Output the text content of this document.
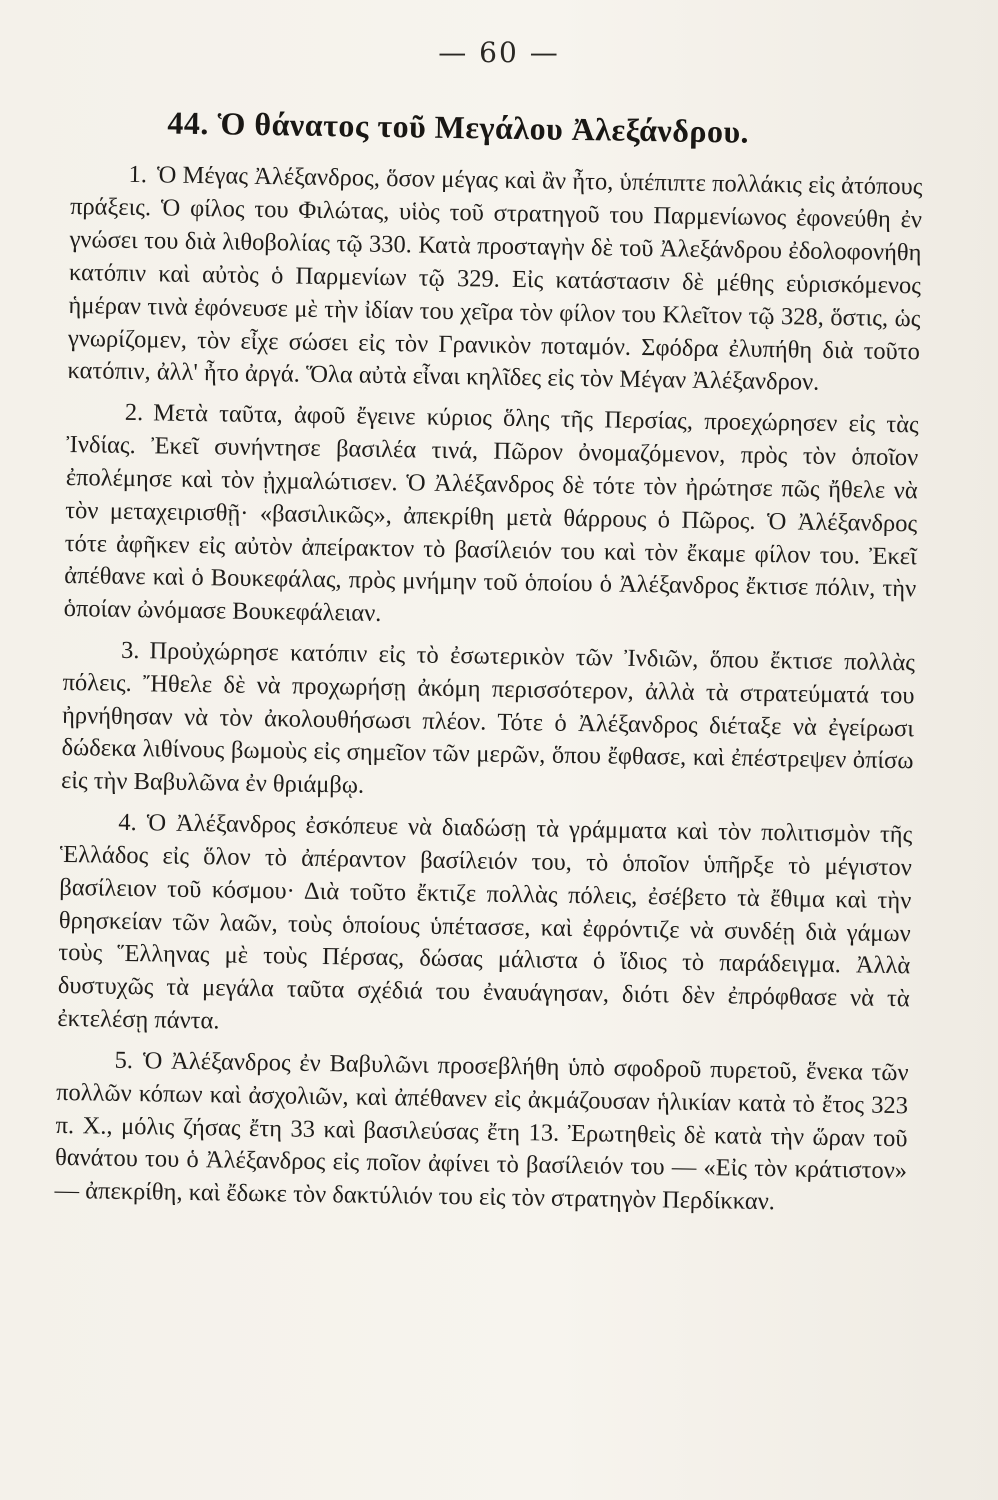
— 60 —
44. Ὁ θάνατος τοῦ Μεγάλου Ἀλεξάνδρου.

1. Ὁ Μέγας Ἀλέξανδρος, ὅσον μέγας καὶ ἂν ἦτο, ὑπέπιπτε πολλάκις εἰς ἀτόπους πράξεις. Ὁ φίλος του Φιλώτας, υἱὸς τοῦ στρατηγοῦ του Παρμενίωνος ἐφονεύθη ἐν γνώσει του διὰ λιθοβολίας τῷ 330. Κατὰ προσταγὴν δὲ τοῦ Ἀλεξάνδρου ἐδολοφονήθη κατόπιν καὶ αὐτὸς ὁ Παρμενίων τῷ 329. Εἰς κατάστασιν δὲ μέθης εὑρισκόμενος ἡμέραν τινὰ ἐφόνευσε μὲ τὴν ἰδίαν του χεῖρα τὸν φίλον του Κλεῖτον τῷ 328, ὅστις, ὡς γνωρίζομεν, τὸν εἶχε σώσει εἰς τὸν Γρανικὸν ποταμόν. Σφόδρα ἐλυπήθη διὰ τοῦτο κατόπιν, ἀλλ' ἦτο ἀργά. Ὅλα αὐτὰ εἶναι κηλῖδες εἰς τὸν Μέγαν Ἀλέξανδρον.

2. Μετὰ ταῦτα, ἀφοῦ ἔγεινε κύριος ὅλης τῆς Περσίας, προεχώρησεν εἰς τὰς Ἰνδίας. Ἐκεῖ συνήντησε βασιλέα τινά, Πῶρον ὀνομαζόμενον, πρὸς τὸν ὁποῖον ἐπολέμησε καὶ τὸν ᾐχμαλώτισεν. Ὁ Ἀλέξανδρος δὲ τότε τὸν ἠρώτησε πῶς ἤθελε νὰ τὸν μεταχειρισθῇ· «βασιλικῶς», ἀπεκρίθη μετὰ θάρρους ὁ Πῶρος. Ὁ Ἀλέξανδρος τότε ἀφῆκεν εἰς αὐτὸν ἀπείρακτον τὸ βασίλειόν του καὶ τὸν ἔκαμε φίλον του. Ἐκεῖ ἀπέθανε καὶ ὁ Βουκεφάλας, πρὸς μνήμην τοῦ ὁποίου ὁ Ἀλέξανδρος ἔκτισε πόλιν, τὴν ὁποίαν ὠνόμασε Βουκεφάλειαν.

3. Προὐχώρησε κατόπιν εἰς τὸ ἐσωτερικὸν τῶν Ἰνδιῶν, ὅπου ἔκτισε πολλὰς πόλεις. Ἤθελε δὲ νὰ προχωρήσῃ ἀκόμη περισσότερον, ἀλλὰ τὰ στρατεύματά του ἠρνήθησαν νὰ τὸν ἀκολουθήσωσι πλέον. Τότε ὁ Ἀλέξανδρος διέταξε νὰ ἐγείρωσι δώδεκα λιθίνους βωμοὺς εἰς σημεῖον τῶν μερῶν, ὅπου ἔφθασε, καὶ ἐπέστρεψεν ὀπίσω εἰς τὴν Βαβυλῶνα ἐν θριάμβῳ.

4. Ὁ Ἀλέξανδρος ἐσκόπευε νὰ διαδώσῃ τὰ γράμματα καὶ τὸν πολιτισμὸν τῆς Ἑλλάδος εἰς ὅλον τὸ ἀπέραντον βασίλειόν του, τὸ ὁποῖον ὑπῆρξε τὸ μέγιστον βασίλειον τοῦ κόσμου· Διὰ τοῦτο ἔκτιζε πολλὰς πόλεις, ἐσέβετο τὰ ἔθιμα καὶ τὴν θρησκείαν τῶν λαῶν, τοὺς ὁποίους ὑπέτασσε, καὶ ἐφρόντιζε νὰ συνδέῃ διὰ γάμων τοὺς Ἕλληνας μὲ τοὺς Πέρσας, δώσας μάλιστα ὁ ἴδιος τὸ παράδειγμα. Ἀλλὰ δυστυχῶς τὰ μεγάλα ταῦτα σχέδιά του ἐναυάγησαν, διότι δὲν ἐπρόφθασε νὰ τὰ ἐκτελέσῃ πάντα.

5. Ὁ Ἀλέξανδρος ἐν Βαβυλῶνι προσεβλήθη ὑπὸ σφοδροῦ πυρετοῦ, ἕνεκα τῶν πολλῶν κόπων καὶ ἀσχολιῶν, καὶ ἀπέθανεν εἰς ἀκμάζουσαν ἡλικίαν κατὰ τὸ ἔτος 323 π. Χ., μόλις ζήσας ἔτη 33 καὶ βασιλεύσας ἔτη 13. Ἐρωτηθεὶς δὲ κατὰ τὴν ὥραν τοῦ θανάτου του ὁ Ἀλέξανδρος εἰς ποῖον ἀφίνει τὸ βασίλειόν του — «Εἰς τὸν κράτιστον» — ἀπεκρίθη, καὶ ἔδωκε τὸν δακτύλιόν του εἰς τὸν στρατηγὸν Περδίκκαν.
